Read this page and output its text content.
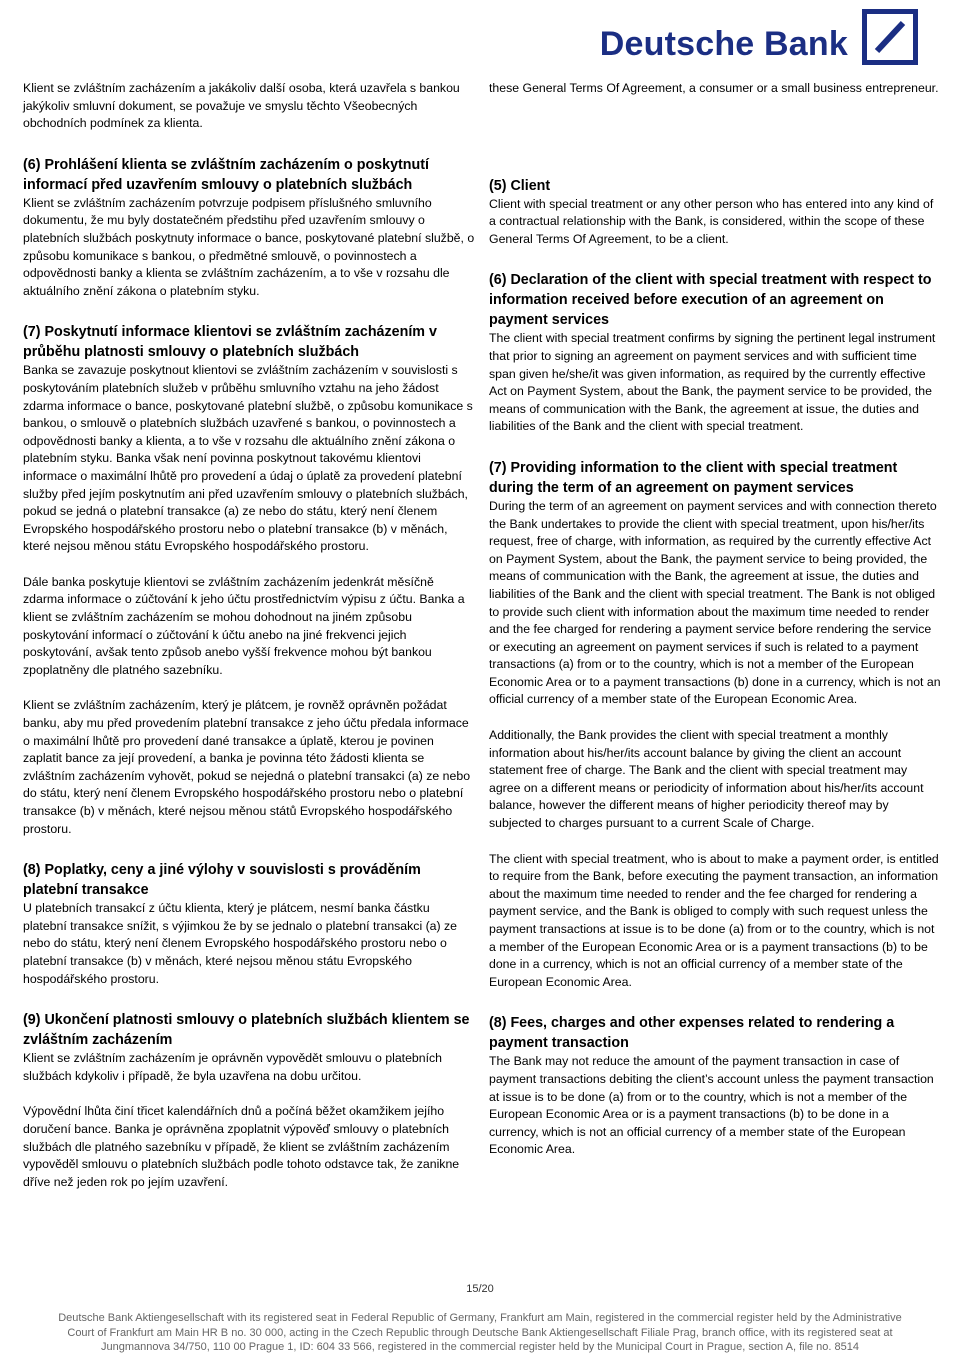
Deutsche Bank

Klient se zvláštním zacházením a jakákoliv další osoba, která uzavřela s bankou jakýkoliv smluvní dokument, se považuje ve smyslu těchto Všeobecných obchodních podmínek za klienta.

(6) Prohlášení klienta se zvláštním zacházením o poskytnutí informací před uzavřením smlouvy o platebních službách

Klient se zvláštním zacházením potvrzuje podpisem příslušného smluvního dokumentu, že mu byly dostatečném předstihu před uzavřením smlouvy o platebních službách poskytnuty informace o bance, poskytované platební službě, o způsobu komunikace s bankou, o předmětné smlouvě, o povinnostech a odpovědnosti banky a klienta se zvláštním zacházením, a to vše v rozsahu dle aktuálního znění zákona o platebním styku.

(7) Poskytnutí informace klientovi se zvláštním zacházením v průběhu platnosti smlouvy o platebních službách

Banka se zavazuje poskytnout klientovi se zvláštním zacházením v souvislosti s poskytováním platebních služeb v průběhu smluvního vztahu na jeho žádost zdarma informace o bance, poskytované platební službě, o způsobu komunikace s bankou, o smlouvě o platebních službách uzavřené s bankou, o povinnostech a odpovědnosti banky a klienta, a to vše v rozsahu dle aktuálního znění zákona o platebním styku. Banka však není povinna poskytnout takovému klientovi informace o maximální lhůtě pro provedení a údaj o úplatě za provedení platební služby před jejím poskytnutím ani před uzavřením smlouvy o platebních službách, pokud se jedná o platební transakce (a) ze nebo do státu, který není členem Evropského hospodářského prostoru nebo o platební transakce (b) v měnách, které nejsou měnou státu Evropského hospodářského prostoru.

Dále banka poskytuje klientovi se zvláštním zacházením jedenkrát měsíčně zdarma informace o zúčtování k jeho účtu prostřednictvím výpisu z účtu. Banka a klient se zvláštním zacházením se mohou dohodnout na jiném způsobu poskytování informací o zúčtování k účtu anebo na jiné frekvenci jejich poskytování, avšak tento způsob anebo vyšší frekvence mohou být bankou zpoplatněny dle platného sazebníku.

Klient se zvláštním zacházením, který je plátcem, je rovněž oprávněn požádat banku, aby mu před provedením platební transakce z jeho účtu předala informace o maximální lhůtě pro provedení dané transakce a úplatě, kterou je povinen zaplatit bance za její provedení, a banka je povinna této žádosti klienta se zvláštním zacházením vyhovět, pokud se nejedná o platební transakci (a) ze nebo do státu, který není členem Evropského hospodářského prostoru nebo o platební transakce (b) v měnách, které nejsou měnou států Evropského hospodářského prostoru.

(8) Poplatky, ceny a jiné výlohy v souvislosti s prováděním platební transakce

U platebních transakcí z účtu klienta, který je plátcem, nesmí banka částku platební transakce snížit, s výjimkou že by se jednalo o platební transakci (a) ze nebo do státu, který není členem Evropského hospodářského prostoru nebo o platební transakce (b) v měnách, které nejsou měnou státu Evropského hospodářského prostoru.

(9) Ukončení platnosti smlouvy o platebních službách klientem se zvláštním zacházením

Klient se zvláštním zacházením je oprávněn vypovědět smlouvu o platebních službách kdykoliv i případě, že byla uzavřena na dobu určitou.

Výpovědní lhůta činí třicet kalendářních dnů a počíná běžet okamžikem jejího doručení bance. Banka je oprávněna zpoplatnit výpověď smlouvy o platebních službách dle platného sazebníku v případě, že klient se zvláštním zacházením vypověděl smlouvu o platebních službách podle tohoto odstavce tak, že zanikne dříve než jeden rok po jejím uzavření.

these General Terms Of Agreement, a consumer or a small business entrepreneur.

(5) Client

Client with special treatment or any other person who has entered into any kind of a contractual relationship with the Bank, is considered, within the scope of these General Terms Of Agreement, to be a client.

(6) Declaration of the client with special treatment with respect to information received before execution of an agreement on payment services

The client with special treatment confirms by signing the pertinent legal instrument that prior to signing an agreement on payment services and with sufficient time span given he/she/it was given information, as required by the currently effective Act on Payment System, about the Bank, the payment service to be provided, the means of communication with the Bank, the agreement at issue, the duties and liabilities of the Bank and the client with special treatment.

(7) Providing information to the client with special treatment during the term of an agreement on payment services

During the term of an agreement on payment services and with connection thereto the Bank undertakes to provide the client with special treatment, upon his/her/its request, free of charge, with information, as required by the currently effective Act on Payment System, about the Bank, the payment service to being provided, the means of communication with the Bank, the agreement at issue, the duties and liabilities of the Bank and the client with special treatment. The Bank is not obliged to provide such client with information about the maximum time needed to render and the fee charged for rendering a payment service before rendering the service or executing an agreement on payment services if such is related to a payment transactions (a) from or to the country, which is not a member of the European Economic Area or to a payment transactions (b) done in a currency, which is not an official currency of a member state of the European Economic Area.

Additionally, the Bank provides the client with special treatment a monthly information about his/her/its account balance by giving the client an account statement free of charge. The Bank and the client with special treatment may agree on a different means or periodicity of information about his/her/its account balance, however the different means of higher periodicity thereof may by subjected to charges pursuant to a current Scale of Charge.

The client with special treatment, who is about to make a payment order, is entitled to require from the Bank, before executing the payment transaction, an information about the maximum time needed to render and the fee charged for rendering a payment service, and the Bank is obliged to comply with such request unless the payment transactions at issue is to be done (a) from or to the country, which is not a member of the European Economic Area or is a payment transactions (b) to be done in a currency, which is not an official currency of a member state of the European Economic Area.

(8) Fees, charges and other expenses related to rendering a payment transaction

The Bank may not reduce the amount of the payment transaction in case of payment transactions debiting the client’s account unless the payment transaction at issue is to be done (a) from or to the country, which is not a member of the European Economic Area or is a payment transactions (b) to be done in a currency, which is not an official currency of a member state of the European Economic Area.

15/20
Deutsche Bank Aktiengesellschaft with its registered seat in Federal Republic of Germany, Frankfurt am Main, registered in the commercial register held by the Administrative
Court of Frankfurt am Main HR B no. 30 000, acting in the Czech Republic through Deutsche Bank Aktiengesellschaft Filiale Prag, branch office, with its registered seat at
Jungmannova 34/750, 110 00 Prague 1, ID: 604 33 566, registered in the commercial register held by the Municipal Court in Prague, section A, file no. 8514
